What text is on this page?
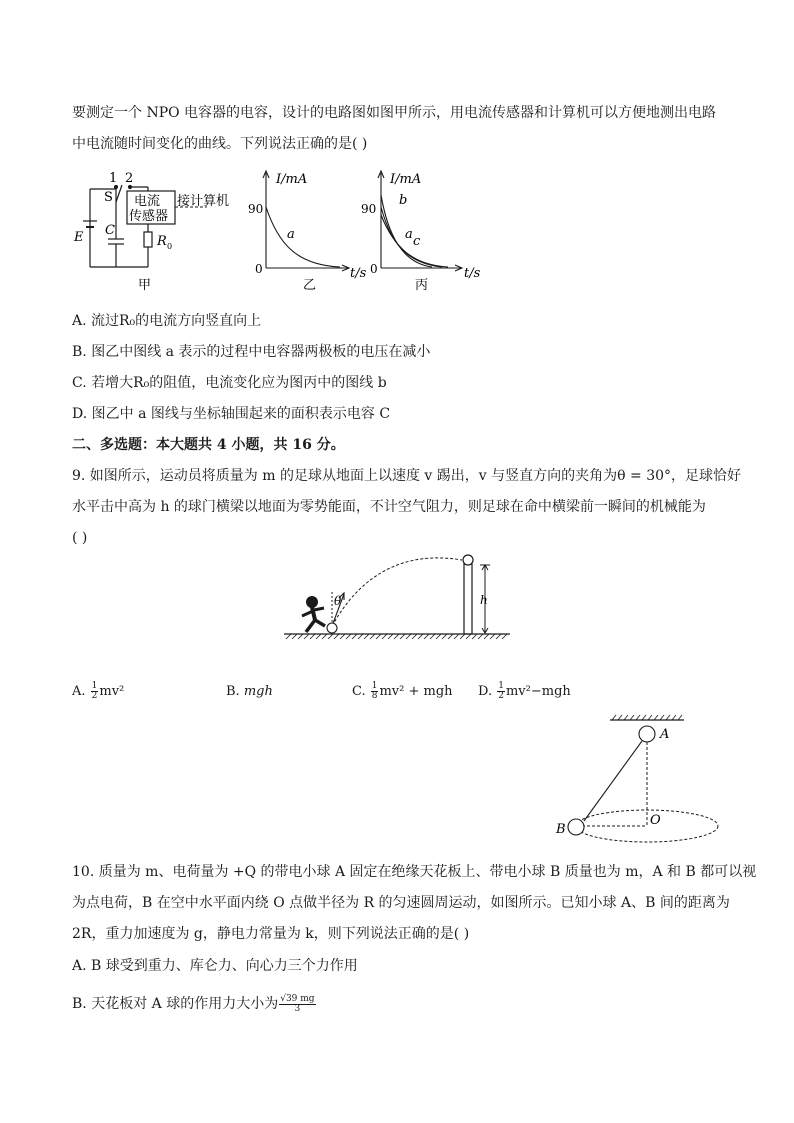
要测定一个 NPO 电容器的电容，设计的电路图如图甲所示，用电流传感器和计算机可以方便地测出电路
中电流随时间变化的曲线。下列说法正确的是( )
1 2
S
E C
R 0
电流
传感器
接计算机
甲
I/mA
t/s
90
0
a
乙
I/mA
t/s
90
0
b
a c
丙
A. 流过R₀的电流方向竖直向上
B. 图乙中图线 a 表示的过程中电容器两极板的电压在减小
C. 若增大R₀的阻值，电流变化应为图丙中的图线 b
D. 图乙中 a 图线与坐标轴围起来的面积表示电容 C
二、多选题：本大题共 4 小题，共 16 分。
9. 如图所示，运动员将质量为 m 的足球从地面上以速度 v 踢出，v 与竖直方向的夹角为θ = 30°，足球恰好
水平击中高为 h 的球门横梁以地面为零势能面，不计空气阻力，则足球在命中横梁前一瞬间的机械能为
( )
θ	h
A. $\frac{1}{2} mv^2$	B. mgh	C. $\frac{1}{8} mv^2$ + mgh D. $\frac{1}{2} mv^2-mgh$
A
B
O
10. 质量为 m、电荷量为 +Q 的带电小球 A 固定在绝缘天花板上、带电小球 B 质量也为 m，A 和 B 都可以视
为点电荷，B 在空中水平面内绕 O 点做半径为 R 的匀速圆周运动，如图所示。已知小球 A、B 间的距离为
2R，重力加速度为 g，静电力常量为 k，则下列说法正确的是( )
A. B 球受到重力、库仑力、向心力三个力作用
B. 天花板对 A 球的作用力大小为 $\frac{√39 mg}{3}$
